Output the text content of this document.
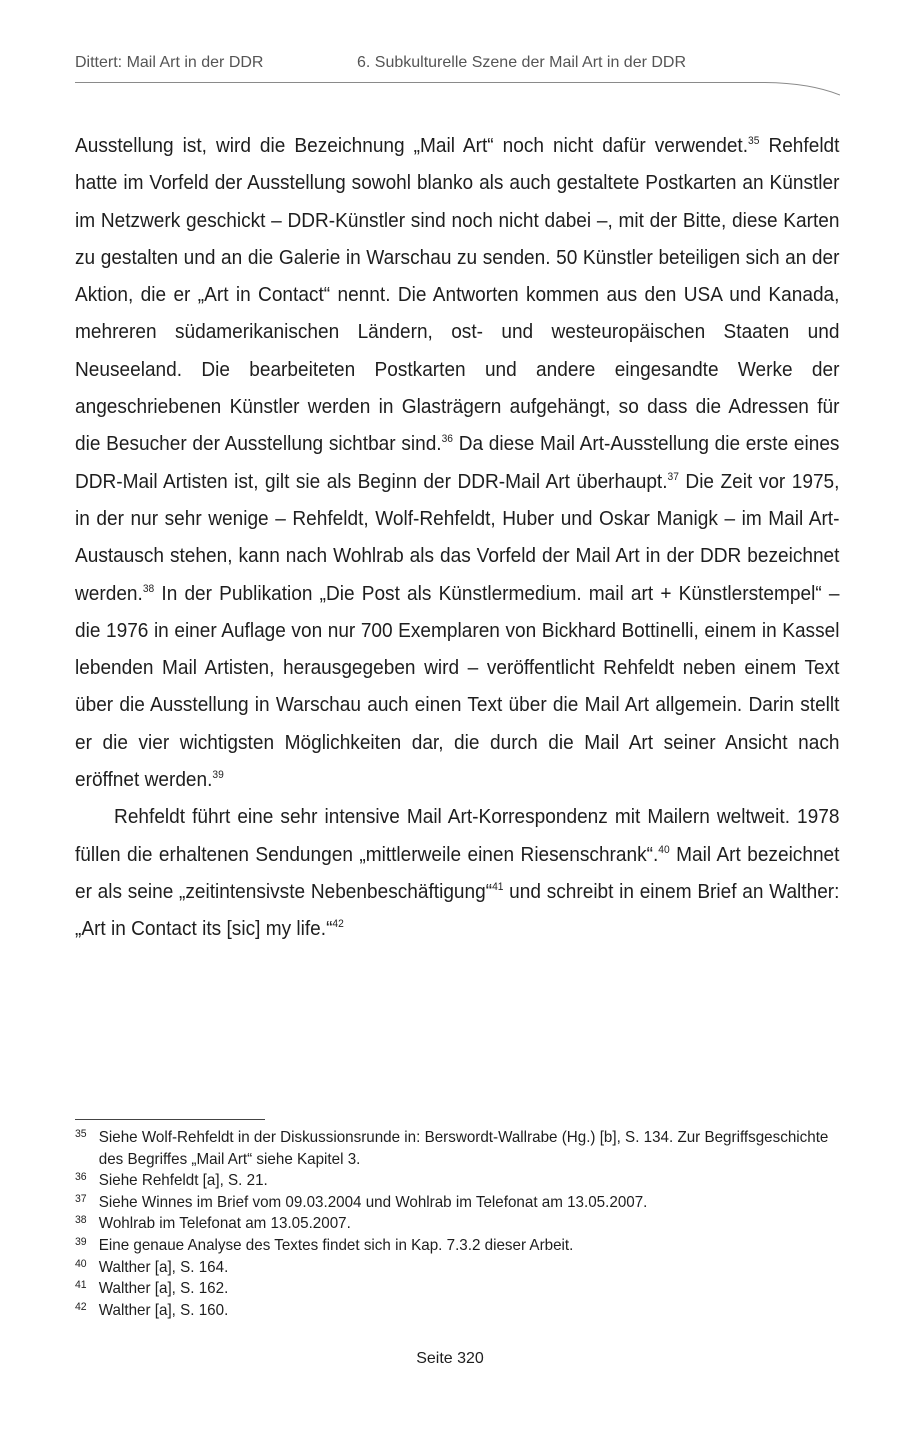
Dittert: Mail Art in der DDR	6. Subkulturelle Szene der Mail Art in der DDR

Ausstellung ist, wird die Bezeichnung „Mail Art“ noch nicht dafür verwendet.$^{35}$ Rehfeldt hatte im Vorfeld der Ausstellung sowohl blanko als auch gestaltete Postkarten an Künstler im Netzwerk geschickt – DDR-Künstler sind noch nicht dabei –, mit der Bitte, diese Karten zu gestalten und an die Galerie in Warschau zu senden. 50 Künstler beteiligen sich an der Aktion, die er „Art in Contact“ nennt. Die Antworten kommen aus den USA und Kanada, mehreren südamerikanischen Ländern, ost- und westeuropäischen Staaten und Neuseeland. Die bearbeiteten Postkarten und andere eingesandte Werke der angeschriebenen Künstler werden in Glasträgern aufgehängt, so dass die Adressen für die Besucher der Ausstellung sichtbar sind.$^{36}$ Da diese Mail Art-Ausstellung die erste eines DDR-Mail Artisten ist, gilt sie als Beginn der DDR-Mail Art überhaupt.$^{37}$ Die Zeit vor 1975, in der nur sehr wenige – Rehfeldt, Wolf-Rehfeldt, Huber und Oskar Manigk – im Mail Art-Austausch stehen, kann nach Wohlrab als das Vorfeld der Mail Art in der DDR bezeichnet werden.$^{38}$ In der Publikation „Die Post als Künstlermedium. mail art + Künstlerstempel“ – die 1976 in einer Auflage von nur 700 Exemplaren von Bickhard Bottinelli, einem in Kassel lebenden Mail Artisten, herausgegeben wird – veröffentlicht Rehfeldt neben einem Text über die Ausstellung in Warschau auch einen Text über die Mail Art allgemein. Darin stellt er die vier wichtigsten Möglichkeiten dar, die durch die Mail Art seiner Ansicht nach eröffnet werden.$^{39}$

Rehfeldt führt eine sehr intensive Mail Art-Korrespondenz mit Mailern weltweit. 1978 füllen die erhaltenen Sendungen „mittlerweile einen Riesenschrank“.$^{40}$ Mail Art bezeichnet er als seine „zeitintensivste Nebenbeschäftigung“$^{41}$ und schreibt in einem Brief an Walther: „Art in Contact its [sic] my life.“$^{42}$

35 Siehe Wolf-Rehfeldt in der Diskussionsrunde in: Berswordt-Wallrabe (Hg.) [b], S. 134. Zur Begriffsgeschichte des Begriffes „Mail Art“ siehe Kapitel 3.
36 Siehe Rehfeldt [a], S. 21.
37 Siehe Winnes im Brief vom 09.03.2004 und Wohlrab im Telefonat am 13.05.2007.
38 Wohlrab im Telefonat am 13.05.2007.
39 Eine genaue Analyse des Textes findet sich in Kap. 7.3.2 dieser Arbeit.
40 Walther [a], S. 164.
41 Walther [a], S. 162.
42 Walther [a], S. 160.
Seite 320
